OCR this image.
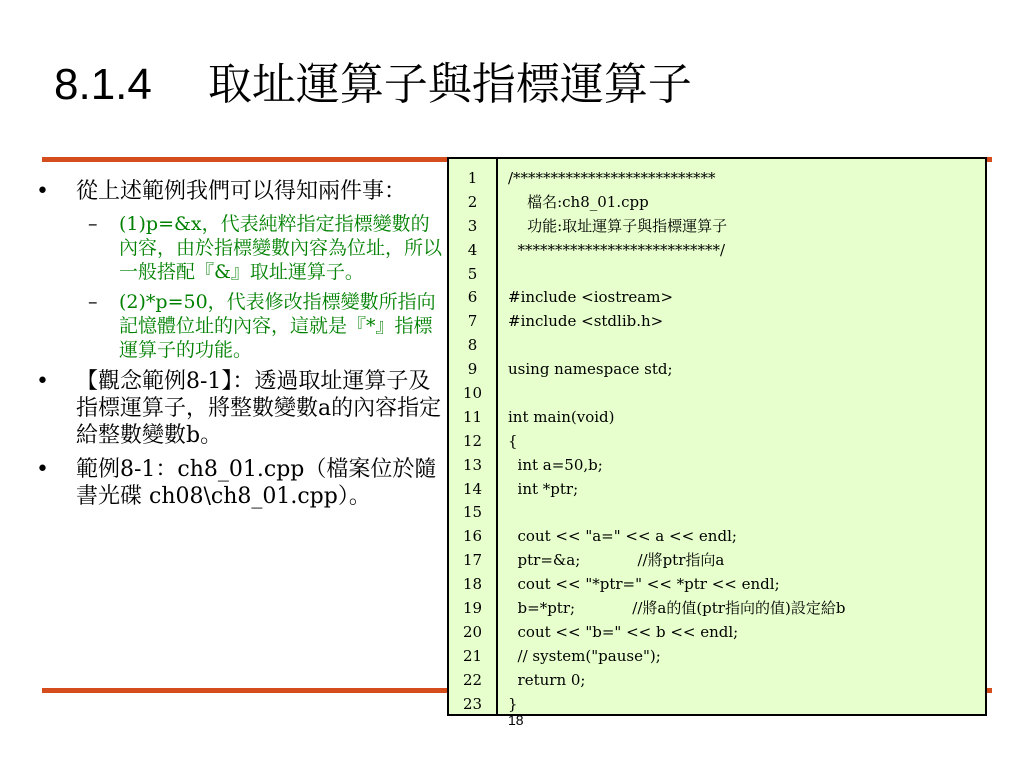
8.1.4 取址運算子與指標運算子
• 從上述範例我們可以得知兩件事：
– (1)p=&x，代表純粹指定指標變數的內容，由於指標變數內容為位址，所以一般搭配『&』取址運算子。
– (2)*p=50，代表修改指標變數所指向記憶體位址的內容，這就是『*』指標運算子的功能。
• 【觀念範例8-1】：透過取址運算子及指標運算子，將整數變數a的內容指定給整數變數b。
• 範例8-1：ch8_01.cpp（檔案位於隨書光碟 ch08\ch8_01.cpp）。
1
2
3
4
5
6
7
8
9
10
11
12
13
14
15
16
17
18
19
20
21
22
23
/***************************
檔名:ch8_01.cpp
功能:取址運算子與指標運算子
***************************/
#include <iostream>
#include <stdlib.h>
using namespace std;
int main(void)
{
int a=50,b;
int *ptr;
cout << "a=" << a << endl;
ptr=&a;            //將ptr指向a
cout << "*ptr=" << *ptr << endl;
b=*ptr;            //將a的值(ptr指向的值)設定給b
cout << "b=" << b << endl;
// system("pause");
return 0;
}
18
